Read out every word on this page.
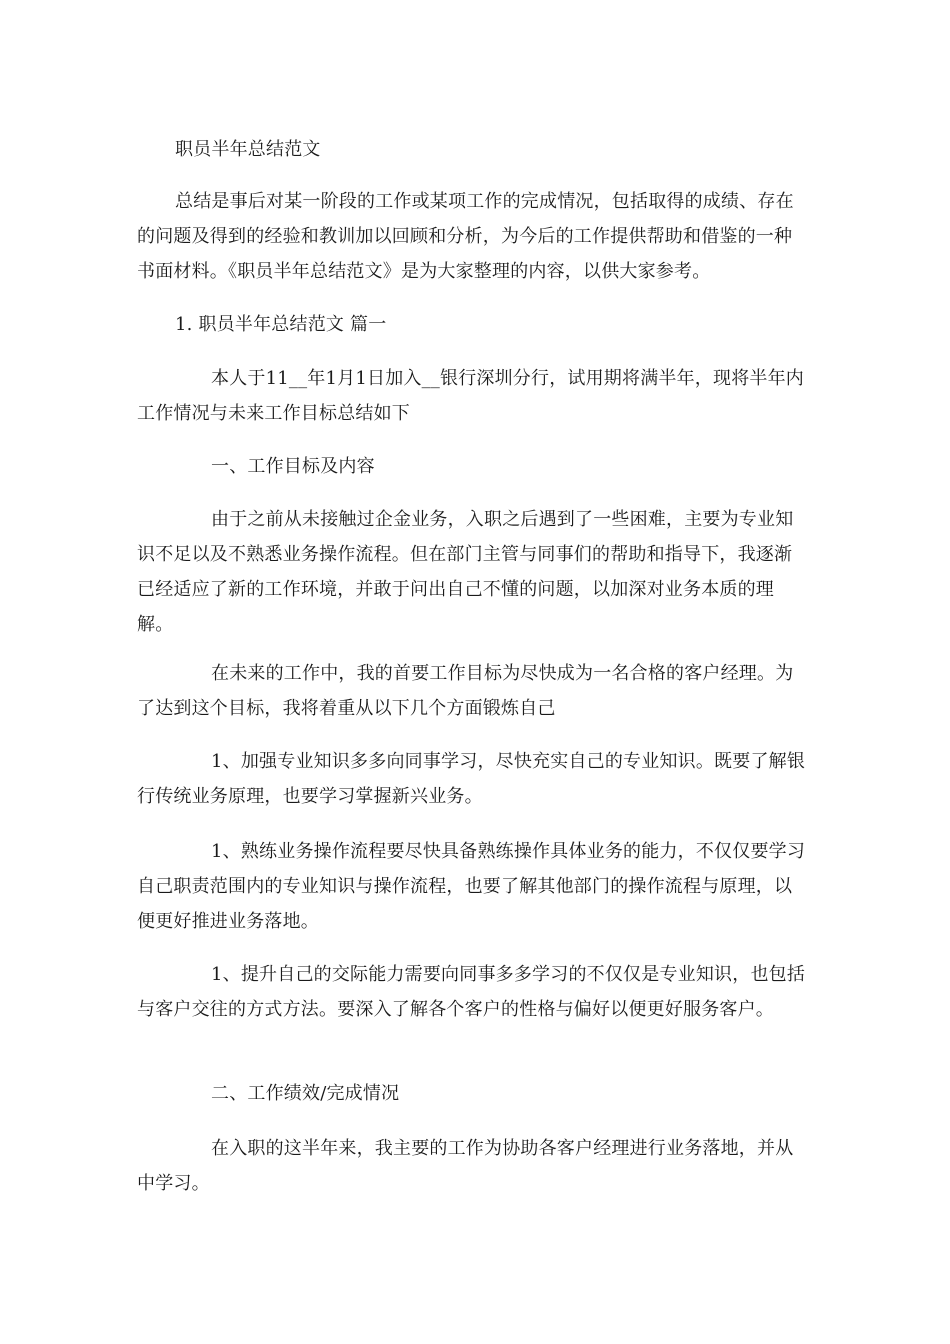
职员半年总结范文

总结是事后对某一阶段的工作或某项工作的完成情况，包括取得的成绩、存在的问题及得到的经验和教训加以回顾和分析，为今后的工作提供帮助和借鉴的一种书面材料。《职员半年总结范文》是为大家整理的内容，以供大家参考。

1. 职员半年总结范文 篇一

本人于11__年1月1日加入__银行深圳分行，试用期将满半年，现将半年内工作情况与未来工作目标总结如下

一、工作目标及内容

由于之前从未接触过企金业务，入职之后遇到了一些困难，主要为专业知识不足以及不熟悉业务操作流程。但在部门主管与同事们的帮助和指导下，我逐渐已经适应了新的工作环境，并敢于问出自己不懂的问题，以加深对业务本质的理解。

在未来的工作中，我的首要工作目标为尽快成为一名合格的客户经理。为了达到这个目标，我将着重从以下几个方面锻炼自己

1、加强专业知识多多向同事学习，尽快充实自己的专业知识。既要了解银行传统业务原理，也要学习掌握新兴业务。

1、熟练业务操作流程要尽快具备熟练操作具体业务的能力，不仅仅要学习自己职责范围内的专业知识与操作流程，也要了解其他部门的操作流程与原理，以便更好推进业务落地。

1、提升自己的交际能力需要向同事多多学习的不仅仅是专业知识，也包括与客户交往的方式方法。要深入了解各个客户的性格与偏好以便更好服务客户。

二、工作绩效/完成情况

在入职的这半年来，我主要的工作为协助各客户经理进行业务落地，并从中学习。
